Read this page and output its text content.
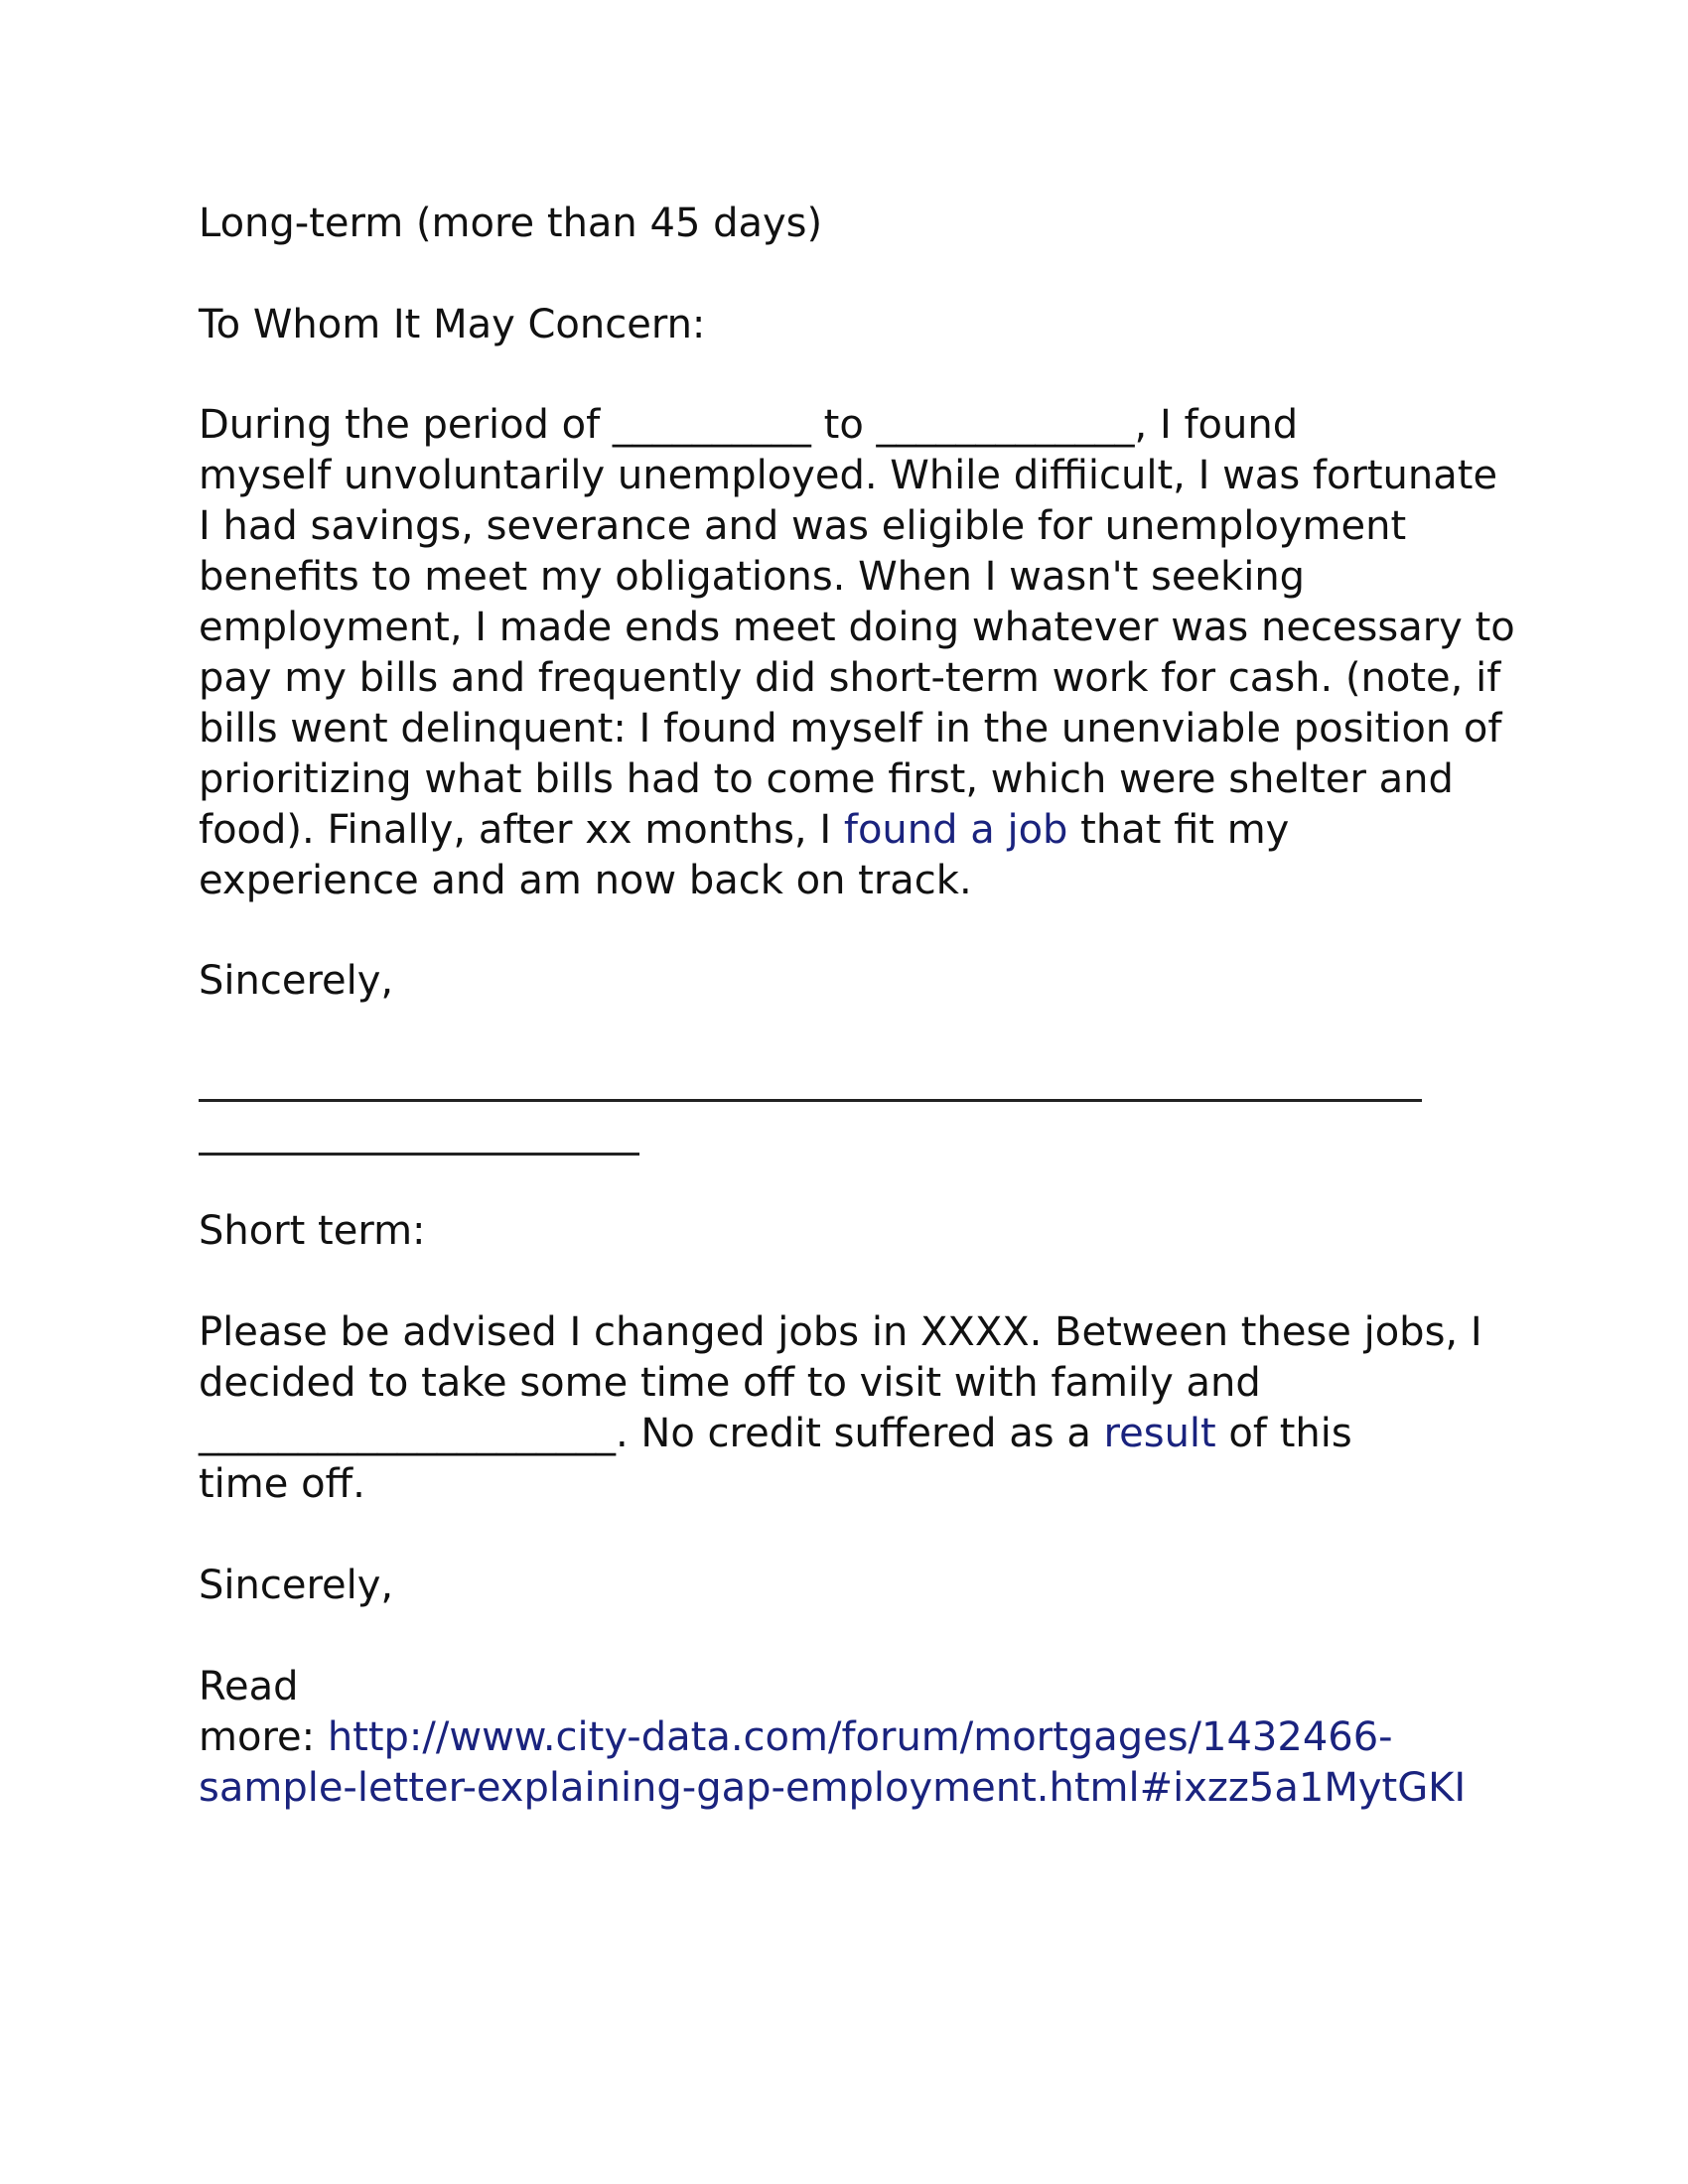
Long-term (more than 45 days)
To Whom It May Concern:
During the period of __________ to _____________, I found
myself unvoluntarily unemployed. While diffiicult, I was fortunate
I had savings, severance and was eligible for unemployment
benefits to meet my obligations. When I wasn't seeking
employment, I made ends meet doing whatever was necessary to
pay my bills and frequently did short-term work for cash. (note, if
bills went delinquent: I found myself in the unenviable position of
prioritizing what bills had to come first, which were shelter and
food). Finally, after xx months, I found a job that fit my
experience and am now back on track.
Sincerely,
Short term:
Please be advised I changed jobs in XXXX. Between these jobs, I
decided to take some time off to visit with family and
_____________________. No credit suffered as a result of this
time off.
Sincerely,
Read
more: http://www.city-data.com/forum/mortgages/1432466-
sample-letter-explaining-gap-employment.html#ixzz5a1MytGKI
